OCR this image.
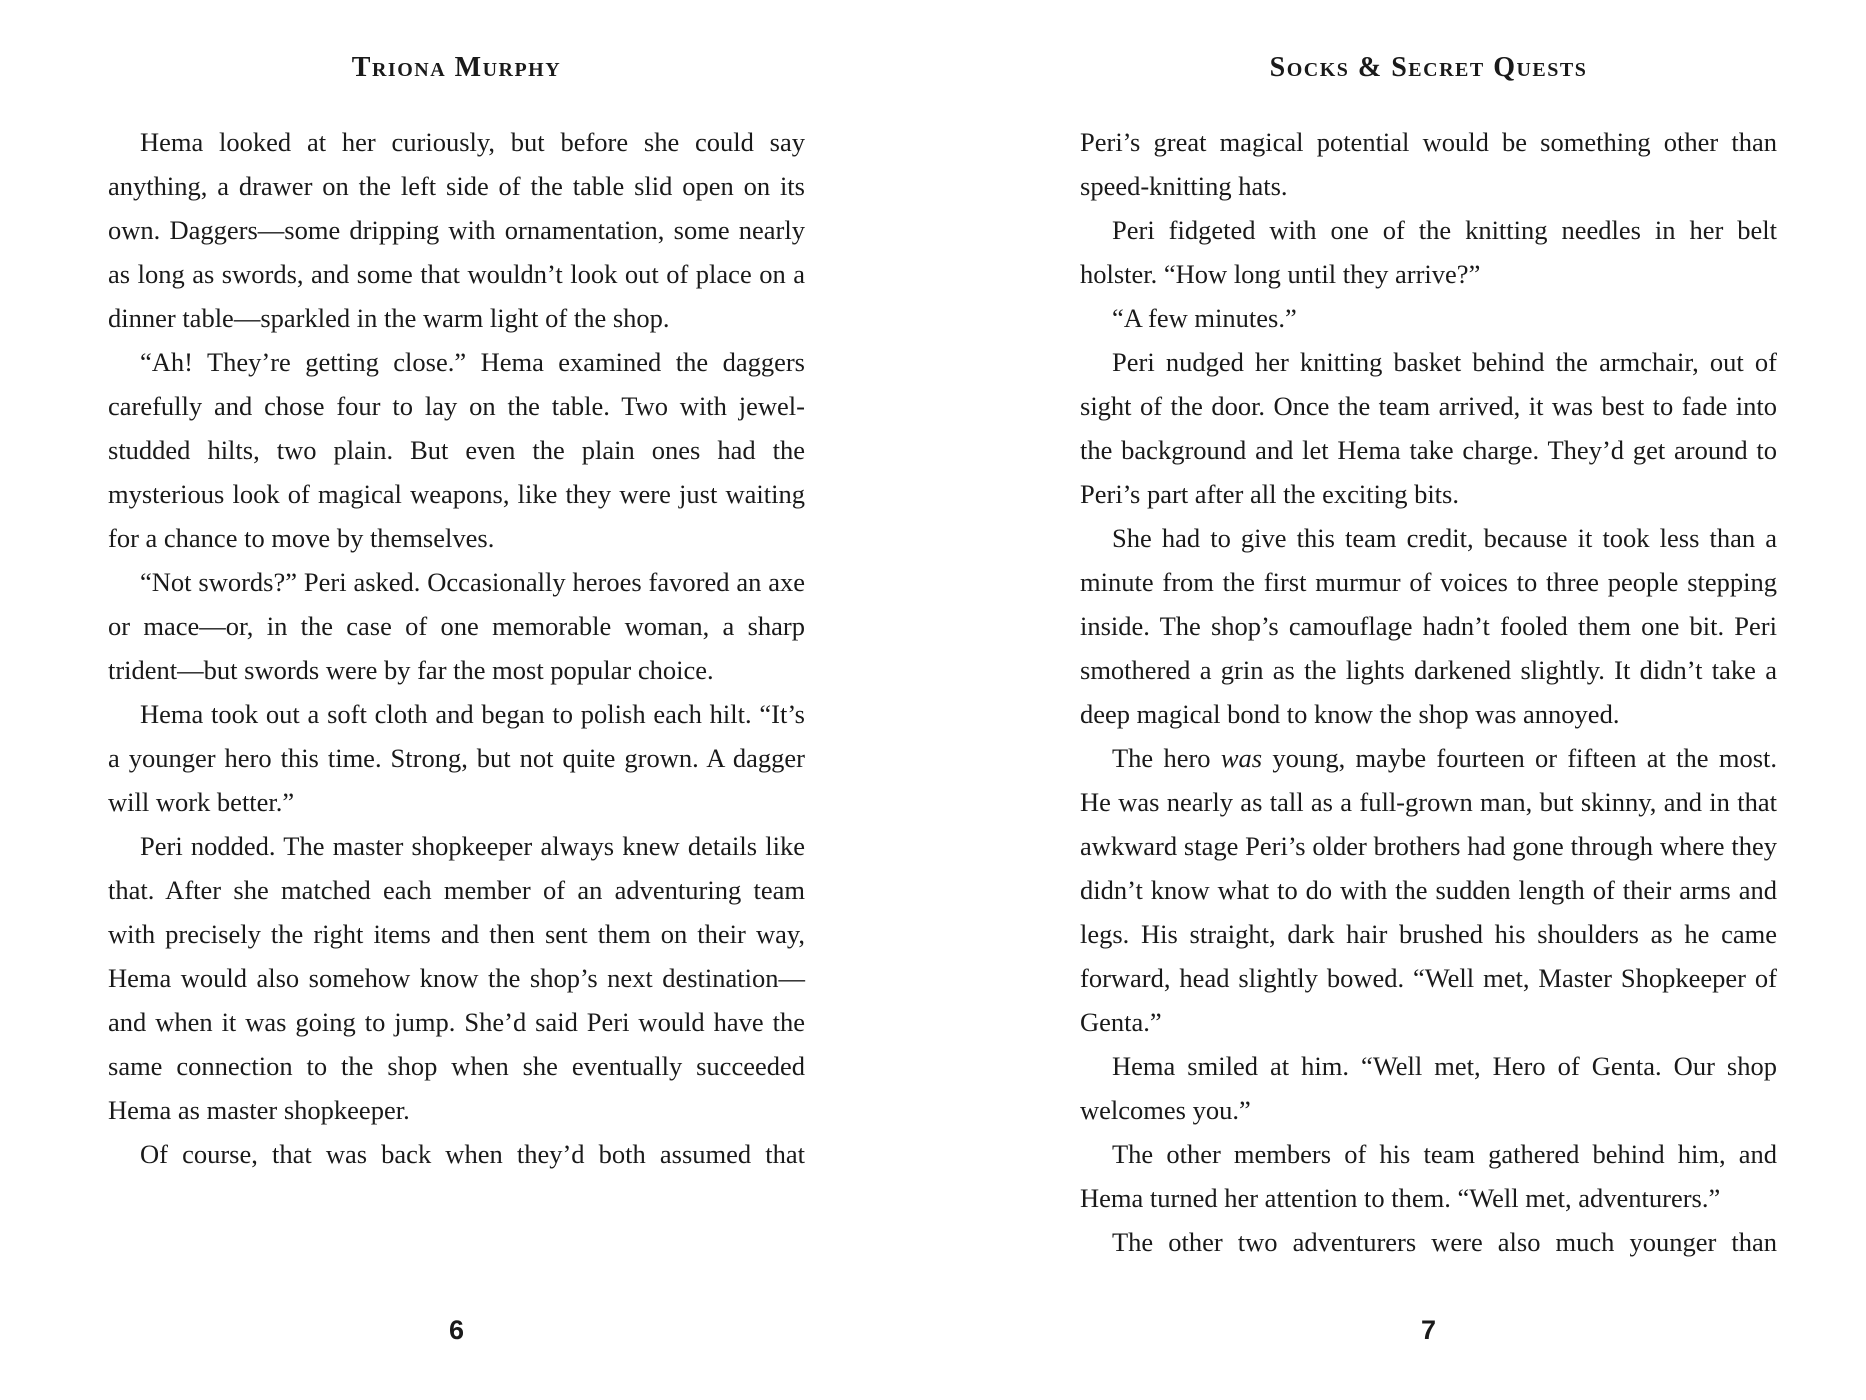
Triona Murphy

Hema looked at her curiously, but before she could say anything, a drawer on the left side of the table slid open on its own. Daggers—some dripping with ornamentation, some nearly as long as swords, and some that wouldn’t look out of place on a dinner table—sparkled in the warm light of the shop.

“Ah! They’re getting close.” Hema examined the daggers carefully and chose four to lay on the table. Two with jewel-studded hilts, two plain. But even the plain ones had the mysterious look of magical weapons, like they were just waiting for a chance to move by themselves.

“Not swords?” Peri asked. Occasionally heroes favored an axe or mace—or, in the case of one memorable woman, a sharp trident—but swords were by far the most popular choice.

Hema took out a soft cloth and began to polish each hilt. “It’s a younger hero this time. Strong, but not quite grown. A dagger will work better.”

Peri nodded. The master shopkeeper always knew details like that. After she matched each member of an adventuring team with precisely the right items and then sent them on their way, Hema would also somehow know the shop’s next destination—and when it was going to jump. She’d said Peri would have the same connection to the shop when she eventually succeeded Hema as master shopkeeper.

Of course, that was back when they’d both assumed that

6
Socks & Secret Quests

Peri’s great magical potential would be something other than speed-knitting hats.

Peri fidgeted with one of the knitting needles in her belt holster. “How long until they arrive?”

“A few minutes.”

Peri nudged her knitting basket behind the armchair, out of sight of the door. Once the team arrived, it was best to fade into the background and let Hema take charge. They’d get around to Peri’s part after all the exciting bits.

She had to give this team credit, because it took less than a minute from the first murmur of voices to three people stepping inside. The shop’s camouflage hadn’t fooled them one bit. Peri smothered a grin as the lights darkened slightly. It didn’t take a deep magical bond to know the shop was annoyed.

The hero was young, maybe fourteen or fifteen at the most. He was nearly as tall as a full-grown man, but skinny, and in that awkward stage Peri’s older brothers had gone through where they didn’t know what to do with the sudden length of their arms and legs. His straight, dark hair brushed his shoulders as he came forward, head slightly bowed. “Well met, Master Shopkeeper of Genta.”

Hema smiled at him. “Well met, Hero of Genta. Our shop welcomes you.”

The other members of his team gathered behind him, and Hema turned her attention to them. “Well met, adventurers.”

The other two adventurers were also much younger than

7
